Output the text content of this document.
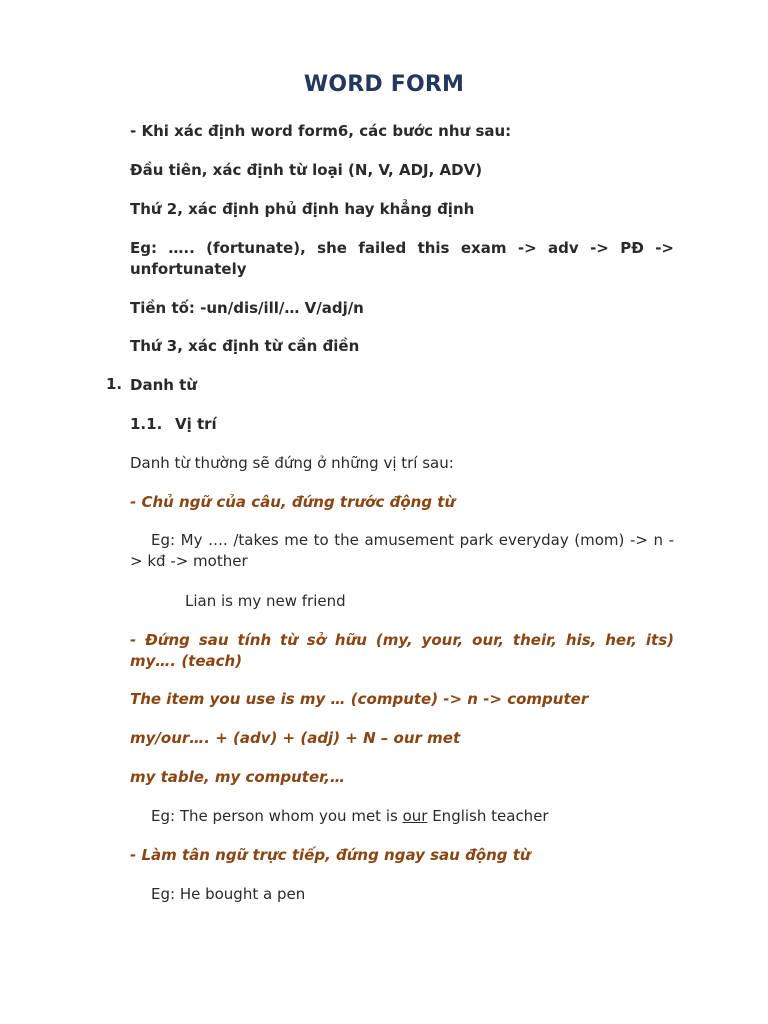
WORD FORM
- Khi xác định word form6, các bước như sau:
Đầu tiên, xác định từ loại (N, V, ADJ, ADV)
Thứ 2, xác định phủ định hay khẳng định
Eg: ….. (fortunate), she failed this exam -> adv -> PĐ -> unfortunately
Tiền tố: -un/dis/ill/… V/adj/n
Thứ 3, xác định từ cần điền
1. Danh từ
1.1. Vị trí
Danh từ thường sẽ đứng ở những vị trí sau:
- Chủ ngữ của câu, đứng trước động từ
Eg: My …. /takes me to the amusement park everyday (mom) -> n -> kđ -> mother
Lian is my new friend
- Đứng sau tính từ sở hữu (my, your, our, their, his, her, its) my…. (teach)
The item you use is my … (compute) -> n -> computer
my/our…. + (adv) + (adj) + N – our met
my table, my computer,…
Eg: The person whom you met is our English teacher
- Làm tân ngữ trực tiếp, đứng ngay sau động từ
Eg: He bought a pen
